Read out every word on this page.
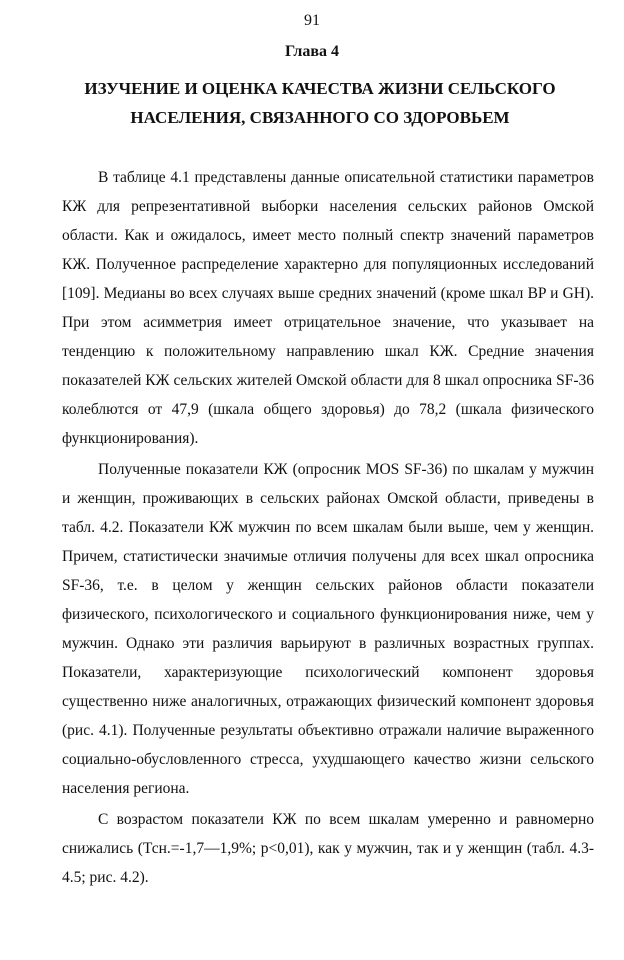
91
Глава 4
ИЗУЧЕНИЕ И ОЦЕНКА КАЧЕСТВА ЖИЗНИ СЕЛЬСКОГО
НАСЕЛЕНИЯ, СВЯЗАННОГО СО ЗДОРОВЬЕМ

В таблице 4.1 представлены данные описательной статистики параметров КЖ для репрезентативной выборки населения сельских районов Омской области. Как и ожидалось, имеет место полный спектр значений параметров КЖ. Полученное распределение характерно для популяционных исследований [109]. Медианы во всех случаях выше средних значений (кроме шкал BP и GH). При этом асимметрия имеет отрицательное значение, что указывает на тенденцию к положительному направлению шкал КЖ. Средние значения показателей КЖ сельских жителей Омской области для 8 шкал опросника SF-36 колеблются от 47,9 (шкала общего здоровья) до 78,2 (шкала физического функционирования).

Полученные показатели КЖ (опросник MOS SF-36) по шкалам у мужчин и женщин, проживающих в сельских районах Омской области, приведены в табл. 4.2. Показатели КЖ мужчин по всем шкалам были выше, чем у женщин. Причем, статистически значимые отличия получены для всех шкал опросника SF-36, т.е. в целом у женщин сельских районов области показатели физического, психологического и социального функционирования ниже, чем у мужчин. Однако эти различия варьируют в различных возрастных группах. Показатели, характеризующие психологический компонент здоровья существенно ниже аналогичных, отражающих физический компонент здоровья (рис. 4.1). Полученные результаты объективно отражали наличие выраженного социально-обусловленного стресса, ухудшающего качество жизни сельского населения региона.

С возрастом показатели КЖ по всем шкалам умеренно и равномерно снижались (Тсн.=-1,7—1,9%; p<0,01), как у мужчин, так и у женщин (табл. 4.3-4.5; рис. 4.2).
